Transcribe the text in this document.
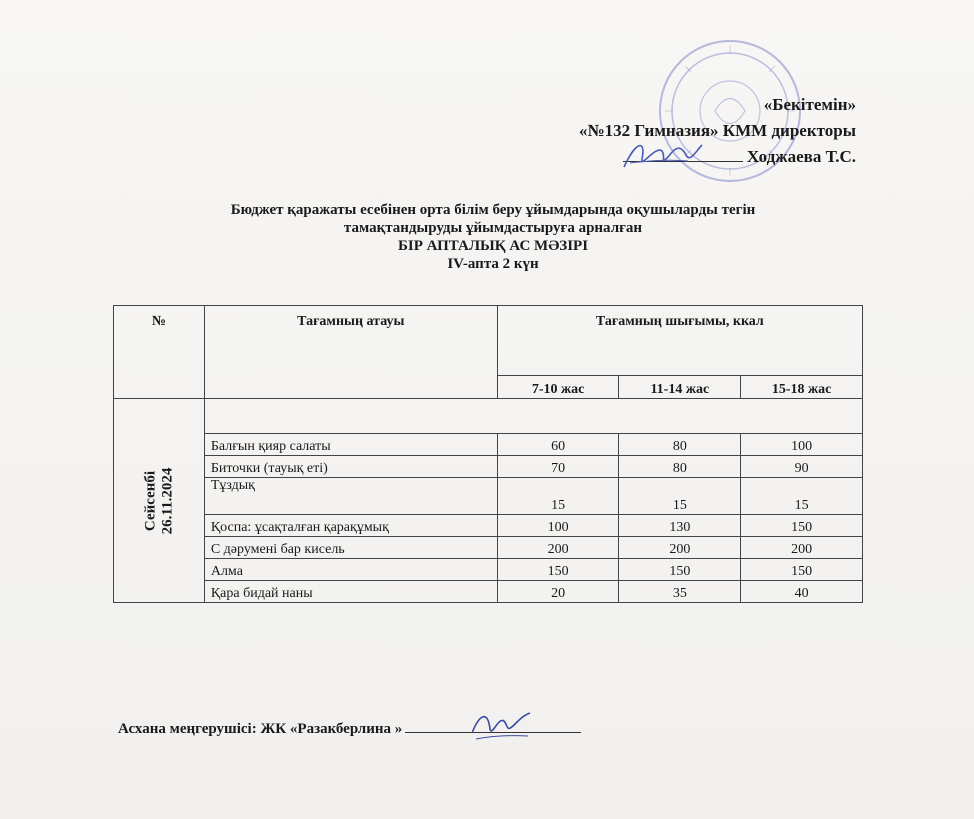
«Бекітемін»
«№132 Гимназия» КММ директоры
Ходжаева Т.С.
Бюджет қаражаты есебінен орта білім беру ұйымдарында оқушыларды тегін
тамақтандыруды ұйымдастыруға арналған
БІР АПТАЛЫҚ АС МӘЗІРІ
IV-апта 2 күн
№	Тағамның атауы	Тағамның шығымы, ккал		
		7-10 жас	11-14 жас	15-18 жас
Сейсенбі
26.11.2024				
	Балғын қияр салаты	60	80	100
	Биточки (тауық еті)	70	80	90
	Тұздық	15	15	15
	Қоспа: ұсақталған қарақұмық	100	130	150
	С дәрумені бар кисель	200	200	200
	Алма	150	150	150
	Қара бидай наны	20	35	40
Асхана меңгерушісі: ЖК «Разакберлина »
